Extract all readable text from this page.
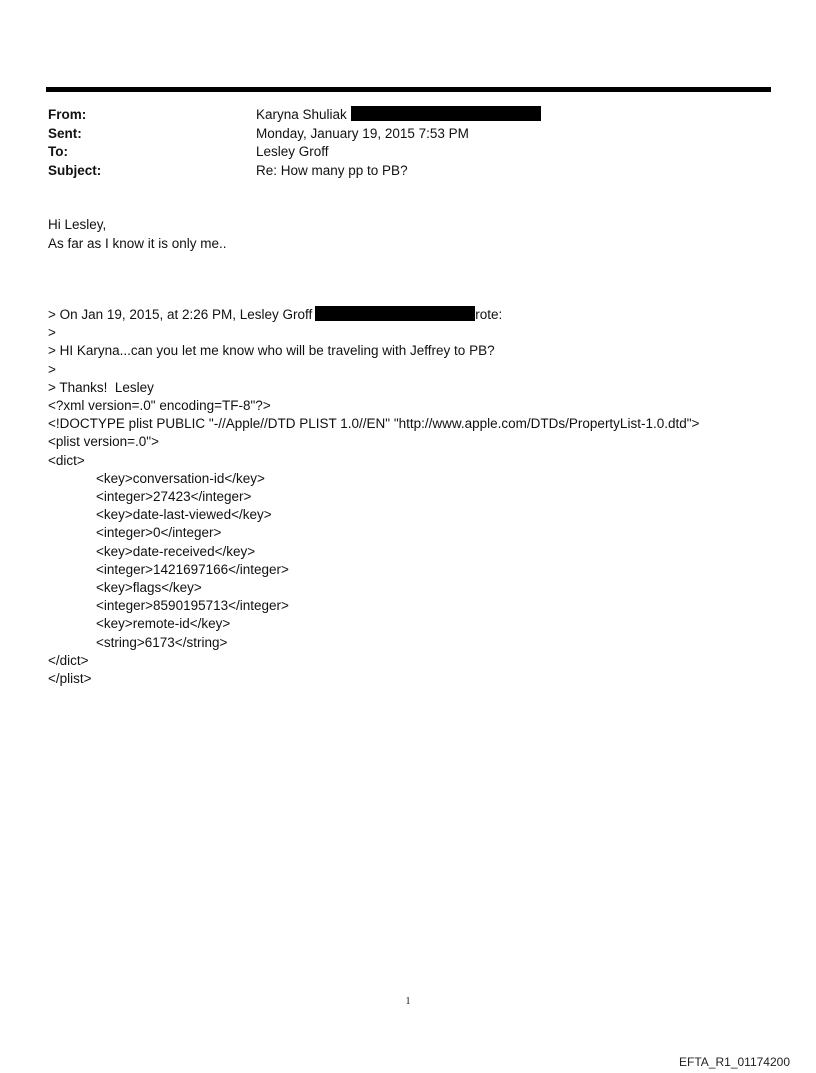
From:	Karyna Shuliak
Sent:	Monday, January 19, 2015 7:53 PM
To:	Lesley Groff
Subject:	Re: How many pp to PB?
Hi Lesley,
As far as I know it is only me..
> On Jan 19, 2015, at 2:26 PM, Lesley Groff	rote:
>
> HI Karyna...can you let me know who will be traveling with Jeffrey to PB?
>
> Thanks!  Lesley
<?xml version=.0" encoding=TF-8"?>
<!DOCTYPE plist PUBLIC "-//Apple//DTD PLIST 1.0//EN" "http://www.apple.com/DTDs/PropertyList-1.0.dtd">
<plist version=.0">
<dict>
<key>conversation-id</key>
<integer>27423</integer>
<key>date-last-viewed</key>
<integer>0</integer>
<key>date-received</key>
<integer>1421697166</integer>
<key>flags</key>
<integer>8590195713</integer>
<key>remote-id</key>
<string>6173</string>
</dict>
</plist>
1
EFTA_R1_01174200
